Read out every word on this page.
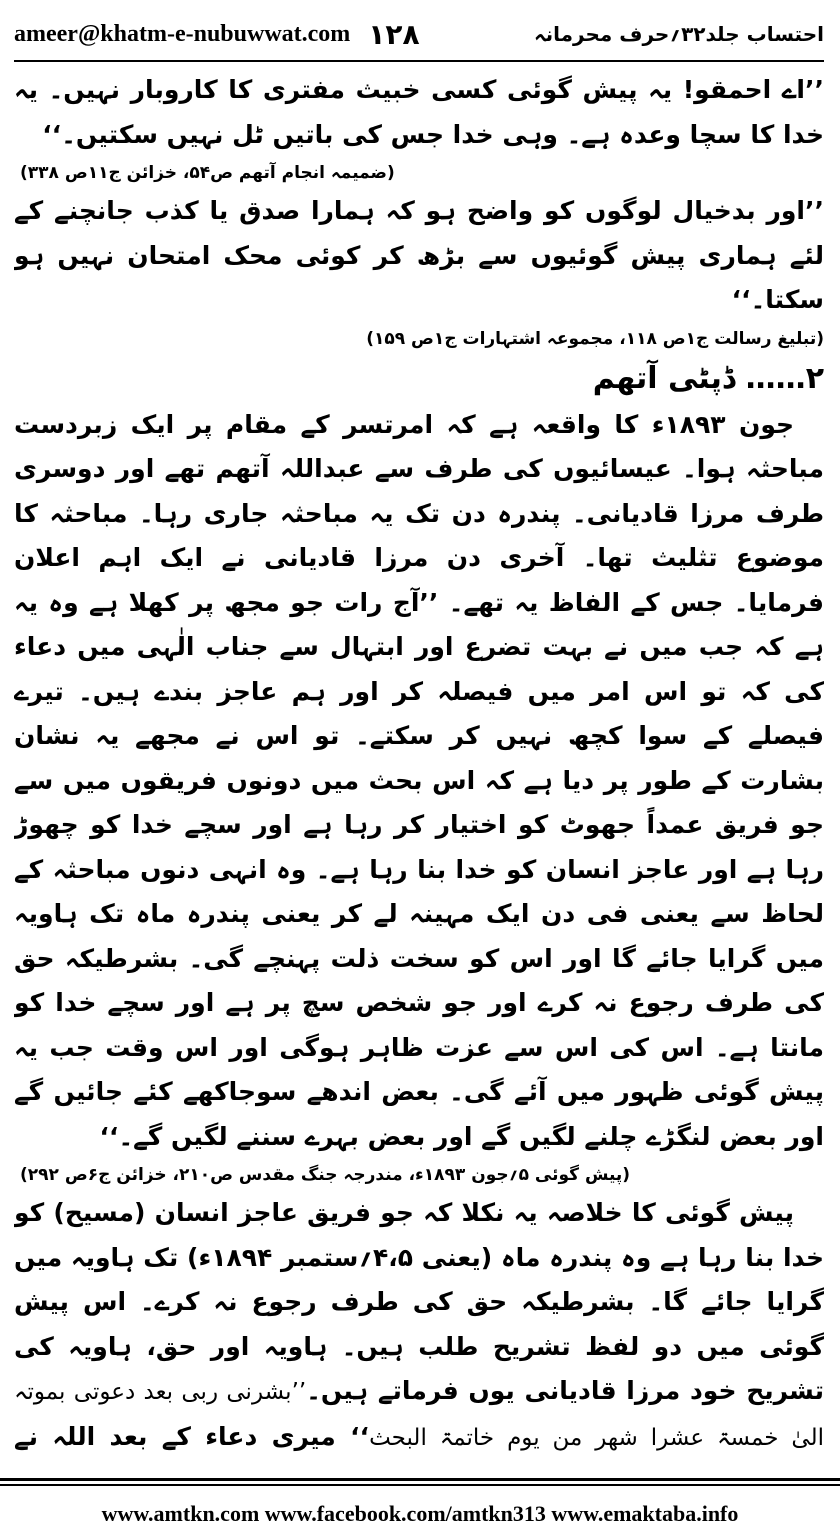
ameer@khatm-e-nubuwwat.com ۱۲۸	احتساب جلد۳۲؍حرف محرمانہ

’’اے احمقو! یہ پیش گوئی کسی خبیث مفتری کا کاروبار نہیں۔ یہ خدا کا سچا وعدہ ہے۔ وہی خدا جس کی باتیں ٹل نہیں سکتیں۔‘‘

(ضمیمہ انجام آتھم ص۵۴، خزائن ج۱۱ص ۳۳۸)

’’اور بدخیال لوگوں کو واضح ہو کہ ہمارا صدق یا کذب جانچنے کے لئے ہماری پیش گوئیوں سے بڑھ کر کوئی محک امتحان نہیں ہو سکتا۔‘‘

(تبلیغ رسالت ج۱ص ۱۱۸، مجموعہ اشتہارات ج۱ص ۱۵۹)

۲…… ڈپٹی آتھم

جون ۱۸۹۳ء کا واقعہ ہے کہ امرتسر کے مقام پر ایک زبردست مباحثہ ہوا۔ عیسائیوں کی طرف سے عبداللہ آتھم تھے اور دوسری طرف مرزا قادیانی۔ پندرہ دن تک یہ مباحثہ جاری رہا۔ مباحثہ کا موضوع تثلیث تھا۔ آخری دن مرزا قادیانی نے ایک اہم اعلان فرمایا۔ جس کے الفاظ یہ تھے۔ ’’آج رات جو مجھ پر کھلا ہے وہ یہ ہے کہ جب میں نے بہت تضرع اور ابتہال سے جناب الٰہی میں دعاء کی کہ تو اس امر میں فیصلہ کر اور ہم عاجز بندے ہیں۔ تیرے فیصلے کے سوا کچھ نہیں کر سکتے۔ تو اس نے مجھے یہ نشان بشارت کے طور پر دیا ہے کہ اس بحث میں دونوں فریقوں میں سے جو فریق عمداً جھوٹ کو اختیار کر رہا ہے اور سچے خدا کو چھوڑ رہا ہے اور عاجز انسان کو خدا بنا رہا ہے۔ وہ انہی دنوں مباحثہ کے لحاظ سے یعنی فی دن ایک مہینہ لے کر یعنی پندرہ ماہ تک ہاویہ میں گرایا جائے گا اور اس کو سخت ذلت پہنچے گی۔ بشرطیکہ حق کی طرف رجوع نہ کرے اور جو شخص سچ پر ہے اور سچے خدا کو مانتا ہے۔ اس کی اس سے عزت ظاہر ہوگی اور اس وقت جب یہ پیش گوئی ظہور میں آئے گی۔ بعض اندھے سوجاکھے کئے جائیں گے اور بعض لنگڑے چلنے لگیں گے اور بعض بہرے سننے لگیں گے۔‘‘

(پیش گوئی ۵؍جون ۱۸۹۳ء، مندرجہ جنگ مقدس ص۲۱۰، خزائن ج۶ص ۲۹۲)

پیش گوئی کا خلاصہ یہ نکلا کہ جو فریق عاجز انسان (مسیح) کو خدا بنا رہا ہے وہ پندرہ ماہ (یعنی ۴،۵؍ستمبر ۱۸۹۴ء) تک ہاویہ میں گرایا جائے گا۔ بشرطیکہ حق کی طرف رجوع نہ کرے۔ اس پیش گوئی میں دو لفظ تشریح طلب ہیں۔ ہاویہ اور حق، ہاویہ کی تشریح خود مرزا قادیانی یوں فرماتے ہیں۔’’بشرنی ربی بعد دعوتی بموتہ الیٰ خمسۃ عشرا شھر من یوم خاتمۃ البحث‘‘ میری دعاء کے بعد اللہ نے

www.amtkn.com www.facebook.com/amtkn313 www.emaktaba.info
